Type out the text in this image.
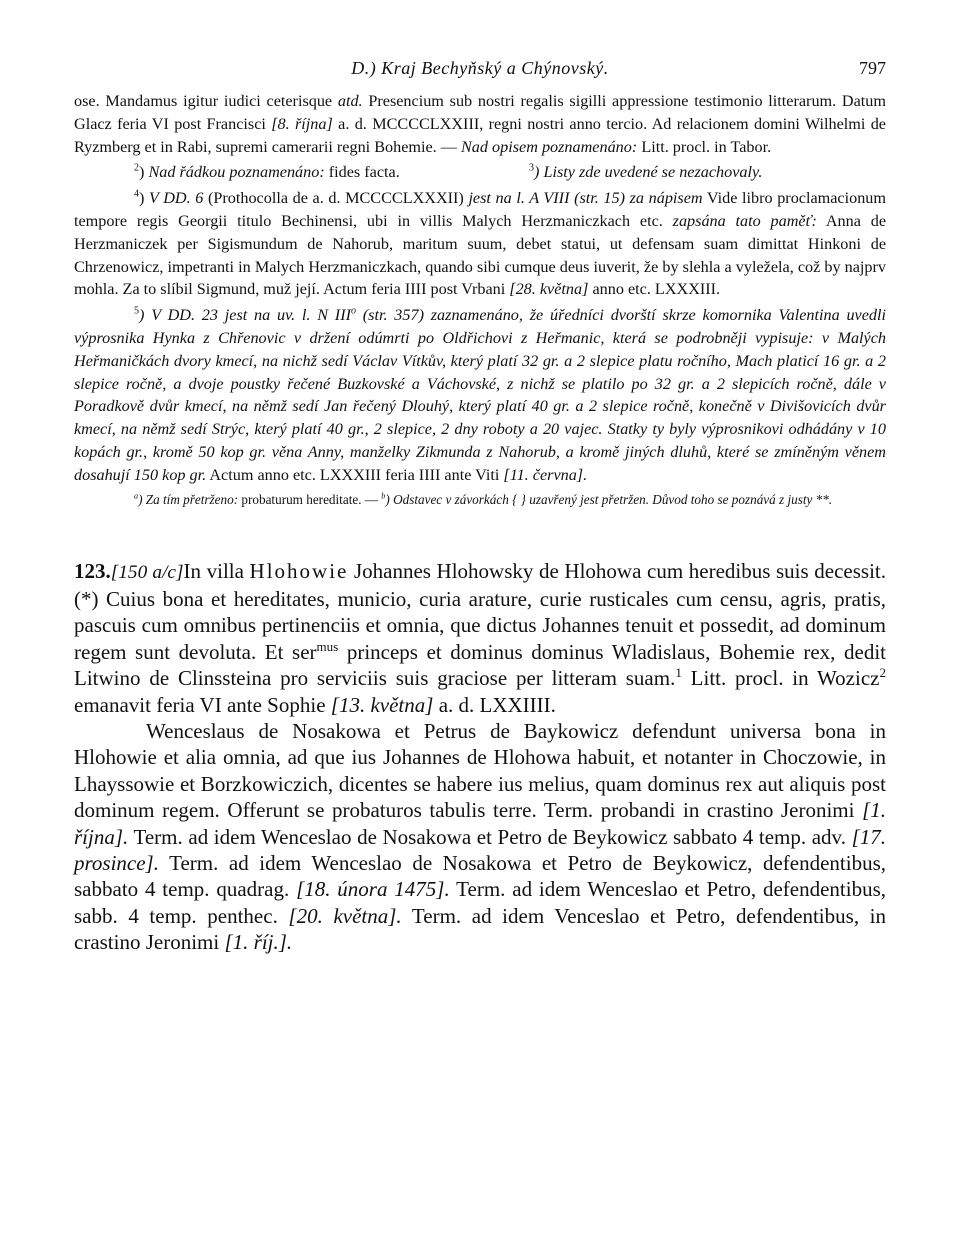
D.) Kraj Bechyňský a Chýnovský.	797

ose. Mandamus igitur iudici ceterisque atd. Presencium sub nostri regalis sigilli appressione testimonio litterarum. Datum Glacz feria VI post Francisci [8. října] a. d. MCCCCLXXIII, regni nostri anno tercio. Ad relacionem domini Wilhelmi de Ryzmberg et in Rabi, supremi camerarii regni Bohemie. — Nad opisem poznamenáno: Litt. procl. in Tabor.

$^2$) Nad řádkou poznamenáno: fides facta.	$^3$) Listy zde uvedené se nezachovaly.

$^4$) V DD. 6 (Prothocolla de a. d. MCCCCLXXXII) jest na l. A VIII (str. 15) za nápisem Vide libro proclamacionum tempore regis Georgii titulo Bechinensi, ubi in villis Malych Herzmaniczkach etc. zapsána tato paměť: Anna de Herzmaniczek per Sigismundum de Nahorub, maritum suum, debet statui, ut defensam suam dimittat Hinkoni de Chrzenowicz, impetranti in Malych Herzmaniczkach, quando sibi cumque deus iuverit, že by slehla a vyleželа, což by najprv mohla. Za to slíbil Sigmund, muž její. Actum feria IIII post Vrbani [28. května] anno etc. LXXXIII.

$^5$) V DD. 23 jest na uv. l. N III$^o$ (str. 357) zaznamenáno, že úředníci dvorští skrze komornika Valentina uvedli výprosnika Hynka z Chřenovic v držení odúmrti po Oldřichovi z Heřmanic, která se podrobněji vypisuje: v Malých Heřmaničkách dvory kmecí, na nichž sedí Václav Vítkův, který platí 32 gr. a 2 slepice platu ročního, Mach platicí 16 gr. a 2 slepice ročně, a dvoje poustky řečené Buzkovské a Váchovské, z nichž se platilo po 32 gr. a 2 slepicích ročně, dále v Poradkově dvůr kmecí, na němž sedí Jan řečený Dlouhý, který platí 40 gr. a 2 slepice ročně, konečně v Divišovicích dvůr kmecí, na němž sedí Strýc, který platí 40 gr., 2 slepice, 2 dny roboty a 20 vajec. Statky ty byly výprosnikovi odhádány v 10 kopách gr., kromě 50 kop gr. věna Anny, manželky Zikmunda z Nahorub, a kromě jiných dluhů, které se zmíněným věnem dosahují 150 kop gr. Actum anno etc. LXXXIII feria IIII ante Viti [11. června].

$^a$) Za tím přetrženo: probaturum hereditate. — $^b$) Odstavec v závorkách { } uzavřený jest přetržen. Důvod toho se poznává z justy **.

123.[150 a/c]In villa Hlohowie Johannes Hlohowsky de Hlohowa cum heredibus suis decessit.(*) Cuius bona et hereditates, municio, curia arature, curie rusticales cum censu, agris, pratis, pascuis cum omnibus pertinenciis et omnia, que dictus Johannes tenuit et possedit, ad dominum regem sunt devoluta. Et ser$^{mus}$ princeps et dominus dominus Wladislaus, Bohemie rex, dedit Litwino de Clinssteina pro serviciis suis graciose per litteram suam.$^1$ Litt. procl. in Wozicz$^2$ emanavit feria VI ante Sophie [13. května] a. d. LXXIIII.

Wenceslaus de Nosakowa et Petrus de Baykowicz defendunt universa bona in Hlohowie et alia omnia, ad que ius Johannes de Hlohowa habuit, et notanter in Choczowie, in Lhayssowie et Borzkowiczich, dicentes se habere ius melius, quam dominus rex aut aliquis post dominum regem. Offerunt se probaturos tabulis terre. Term. probandi in crastino Jeronimi [1. října]. Term. ad idem Wenceslao de Nosakowa et Petro de Beykowicz sabbato 4 temp. adv. [17. prosince]. Term. ad idem Wenceslao de Nosakowa et Petro de Beykowicz, defendentibus, sabbato 4 temp. quadrag. [18. února 1475]. Term. ad idem Wenceslao et Petro, defendentibus, sabb. 4 temp. penthec. [20. května]. Term. ad idem Venceslao et Petro, defendentibus, in crastino Jeronimi [1. říj.].
